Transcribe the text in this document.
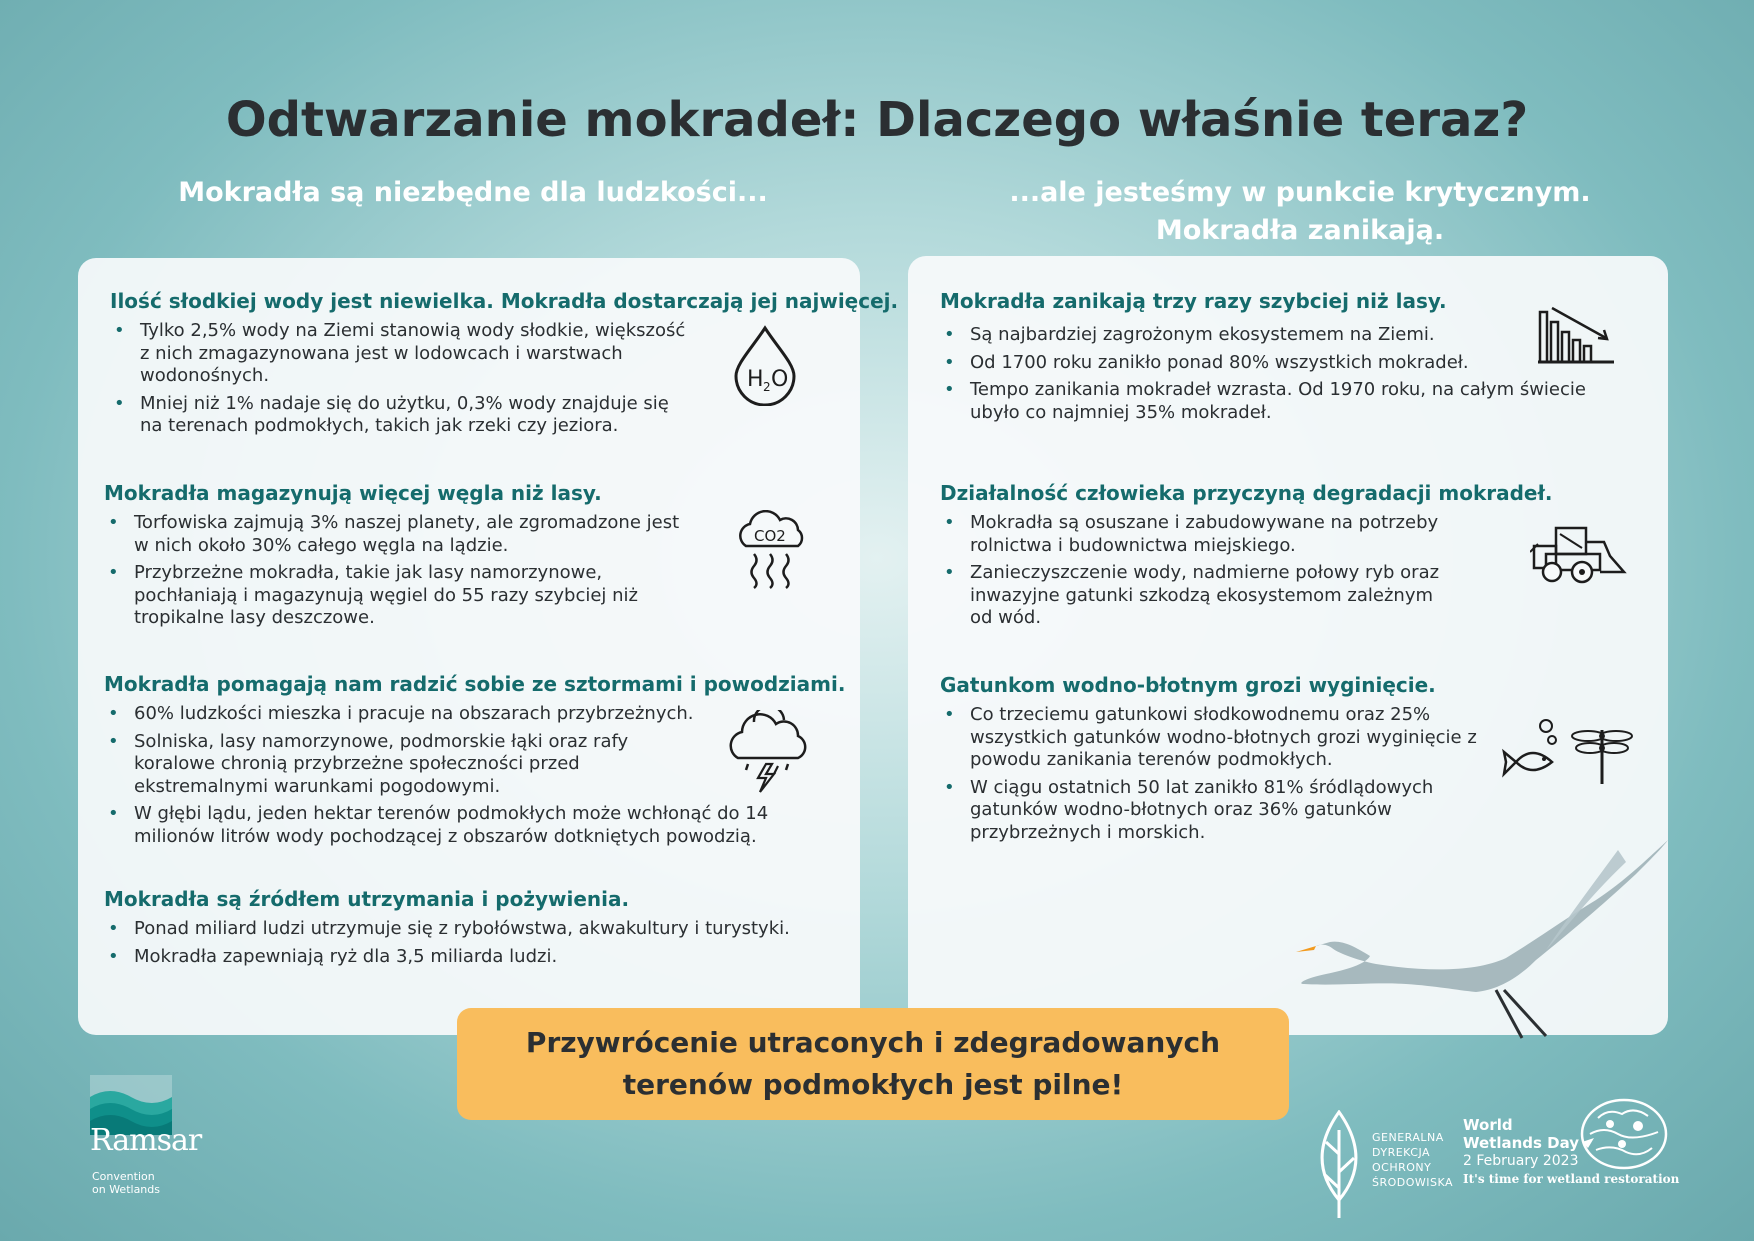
Odtwarzanie mokradeł: Dlaczego właśnie teraz?
Mokradła są niezbędne dla ludzkości...	...ale jesteśmy w punkcie krytycznym.
Mokradła zanikają.
Ilość słodkiej wody jest niewielka. Mokradła dostarczają jej najwięcej.
• Tylko 2,5% wody na Ziemi stanowią wody słodkie, większość z nich zmagazynowana jest w lodowcach i warstwach wodonośnych.
• Mniej niż 1% nadaje się do użytku, 0,3% wody znajduje się na terenach podmokłych, takich jak rzeki czy jeziora.
H 2 O
Mokradła magazynują więcej węgla niż lasy.
• Torfowiska zajmują 3% naszej planety, ale zgromadzone jest w nich około 30% całego węgla na lądzie.
• Przybrzeżne mokradła, takie jak lasy namorzynowe, pochłaniają i magazynują węgiel do 55 razy szybciej niż tropikalne lasy deszczowe.
CO2
Mokradła pomagają nam radzić sobie ze sztormami i powodziami.
• 60% ludzkości mieszka i pracuje na obszarach przybrzeżnych.
• Solniska, lasy namorzynowe, podmorskie łąki oraz rafy koralowe chronią przybrzeżne społeczności przed ekstremalnymi warunkami pogodowymi.
• W głębi lądu, jeden hektar terenów podmokłych może wchłonąć do 14 milionów litrów wody pochodzącej z obszarów dotkniętych powodzią.
Mokradła są źródłem utrzymania i pożywienia.
• Ponad miliard ludzi utrzymuje się z rybołówstwa, akwakultury i turystyki.
• Mokradła zapewniają ryż dla 3,5 miliarda ludzi.
Mokradła zanikają trzy razy szybciej niż lasy.
• Są najbardziej zagrożonym ekosystemem na Ziemi.
• Od 1700 roku zanikło ponad 80% wszystkich mokradeł.
• Tempo zanikania mokradeł wzrasta. Od 1970 roku, na całym świecie ubyło co najmniej 35% mokradeł.
Działalność człowieka przyczyną degradacji mokradeł.
• Mokradła są osuszane i zabudowywane na potrzeby rolnictwa i budownictwa miejskiego.
• Zanieczyszczenie wody, nadmierne połowy ryb oraz inwazyjne gatunki szkodzą ekosystemom zależnym od wód.
Gatunkom wodno-błotnym grozi wyginięcie.
• Co trzeciemu gatunkowi słodkowodnemu oraz 25% wszystkich gatunków wodno-błotnych grozi wyginięcie z powodu zanikania terenów podmokłych.
• W ciągu ostatnich 50 lat zanikło 81% śródlądowych gatunków wodno-błotnych oraz 36% gatunków przybrzeżnych i morskich.
Przywrócenie utraconych i zdegradowanych terenów podmokłych jest pilne!
Ramsar
Convention
on Wetlands
GENERALNA
DYREKCJA
OCHRONY
ŚRODOWISKA
World
Wetlands Day
2 February 2023
It's time for wetland restoration
